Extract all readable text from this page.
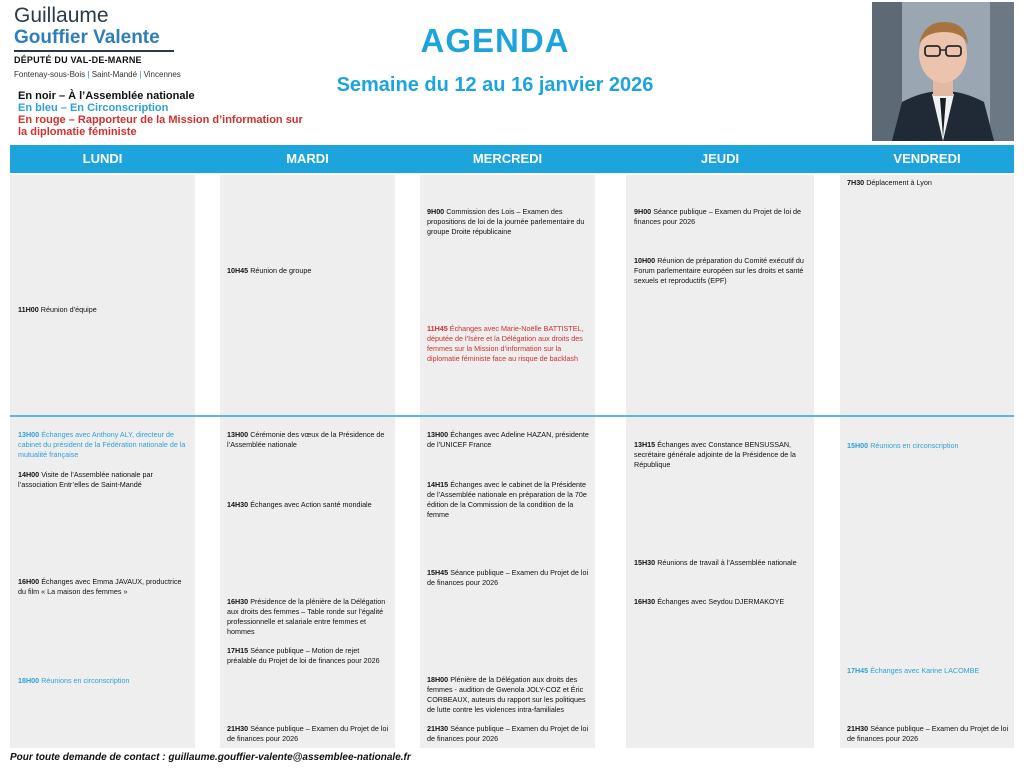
Guillaume
Gouffier Valente
DÉPUTÉ DU VAL-DE-MARNE
Fontenay-sous-Bois | Saint-Mandé | Vincennes
En noir – À l’Assemblée nationale
En bleu – En Circonscription
En rouge – Rapporteur de la Mission d’information sur la diplomatie féministe
AGENDA
Semaine du 12 au 16 janvier 2026
LUNDI	MARDI	MERCREDI	JEUDI	VENDREDI
11H00 Réunion d’équipe
13H00 Échanges avec Anthony ALY, directeur de cabinet du président de la Fédération nationale de la mutualité française
14H00 Visite de l’Assemblée nationale par l’association Entr’elles de Saint-Mandé
16H00 Échanges avec Emma JAVAUX, productrice du film « La maison des femmes »
18H00 Réunions en circonscription
10H45 Réunion de groupe
13H00 Cérémonie des vœux de la Présidence de l’Assemblée nationale
14H30 Échanges avec Action santé mondiale
16H30 Présidence de la plénière de la Délégation aux droits des femmes – Table ronde sur l’égalité professionnelle et salariale entre femmes et hommes
17H15 Séance publique – Motion de rejet préalable du Projet de loi de finances pour 2026
21H30 Séance publique – Examen du Projet de loi de finances pour 2026
9H00 Commission des Lois – Examen des propositions de loi de la journée parlementaire du groupe Droite républicaine
11H45 Échanges avec Marie-Noëlle BATTISTEL, députée de l’Isère et la Délégation aux droits des femmes sur la Mission d’information sur la diplomatie féministe face au risque de backlash
13H00 Échanges avec Adeline HAZAN, présidente de l’UNICEF France
14H15 Échanges avec le cabinet de la Présidente de l’Assemblée nationale en préparation de la 70e édition de la Commission de la condition de la femme
15H45 Séance publique – Examen du Projet de loi de finances pour 2026
18H00 Plénière de la Délégation aux droits des femmes - audition de Gwenola JOLY-COZ et Éric CORBEAUX, auteurs du rapport sur les politiques de lutte contre les violences intra-familiales
21H30 Séance publique – Examen du Projet de loi de finances pour 2026
9H00 Séance publique – Examen du Projet de loi de finances pour 2026
10H00 Réunion de préparation du Comité exécutif du Forum parlementaire européen sur les droits et santé sexuels et reproductifs (EPF)
13H15 Échanges avec Constance BENSUSSAN, secrétaire générale adjointe de la Présidence de la République
15H30 Réunions de travail à l’Assemblée nationale
16H30 Échanges avec Seydou DJERMAKOYE
7H30 Déplacement à Lyon
15H00 Réunions en circonscription
17H45 Échanges avec Karine LACOMBE
21H30 Séance publique – Examen du Projet de loi de finances pour 2026
Pour toute demande de contact : guillaume.gouffier-valente@assemblee-nationale.fr
